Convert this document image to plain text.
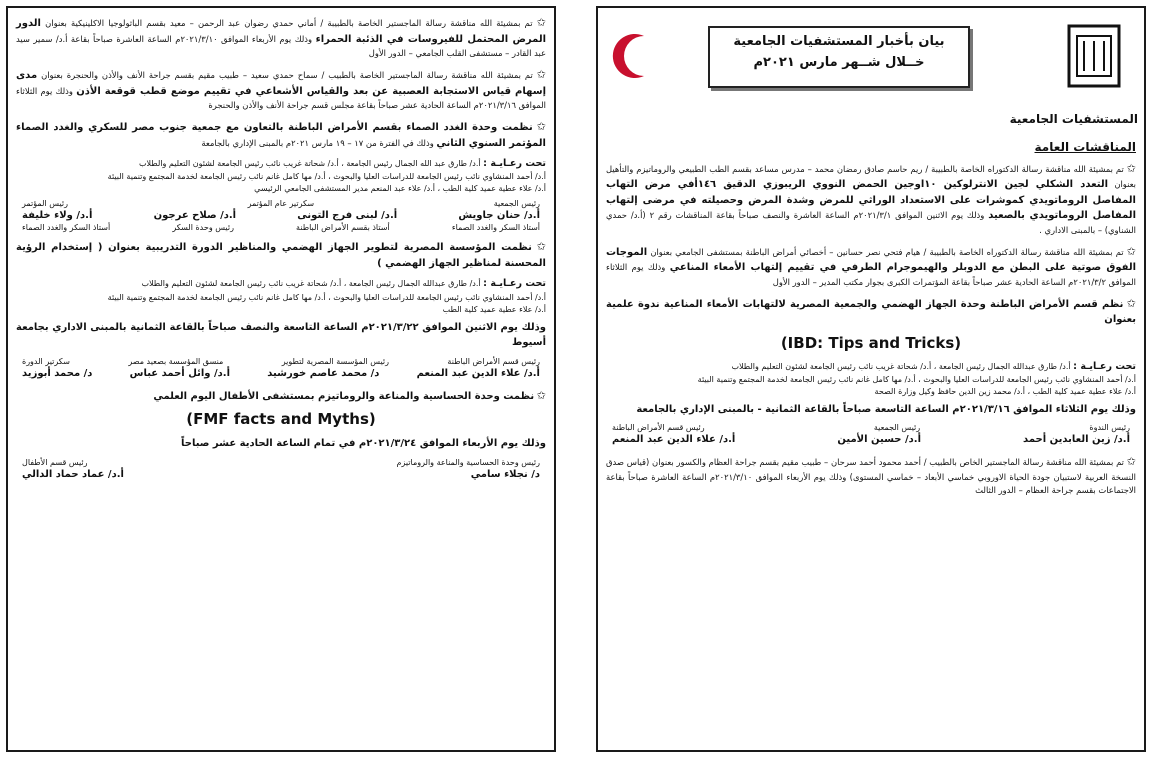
بيان بأخبار المستشفيات الجامعية
خــلال شــهر مارس ٢٠٢١م
المستشفيات الجامعية
المناقشات العامة
✩ تم بمشيئة الله مناقشة رسالة الدكتوراه الخاصة بالطبيبة / ريم حاسم صادق رمضان محمد – مدرس مساعد بقسم الطب الطبيعي والروماتيزم والتأهيل بعنوان التعدد الشكلي لجين الانترلوكين ١٠اوجين الحمض النووي الريبوزي الدقيق ١٤٦أفي مرض التهاب المفاصل الروماتويدي كموشرات على الاستعداد الوراثي للمرض وشدة المرض وحصيلته في مرضى إلتهاب المفاصل الروماتويدي بالصعيد وذلك يوم الاثنين الموافق ٢٠٢١/٣/١م الساعة العاشرة والنصف صباحاً بقاعة المناقشات رقم ٢ (أ.د/ حمدي الشناوي) – بالمبنى الاداري .
✩ تم بمشيئة الله مناقشة رسالة الدكتوراه الخاصة بالطبيبة / هيام فتحي نصر حسانين – أخصائي أمراض الباطنة بمستشفى الجامعي بعنوان الموجات الفوق صوتية على البطن مع الدوبلر والهيموجرام الطرفي في تقييم إلتهاب الأمعاء المناعي وذلك يوم الثلاثاء الموافق ٢٠٢١/٣/٢م الساعة الحادية عشر صباحاً بقاعة المؤتمرات الكبرى بجوار مكتب المدير – الدور الأول
✩ نظم قسم الأمراض الباطنة وحدة الجهاز الهضمي والجمعية المصرية لالتهابات الأمعاء المناعية ندوة علمية بعنوان
(IBD: Tips and Tricks)
تحت رعـايـة : أ.د/ طارق عبدالله الجمال رئيس الجامعة ، أ.د/ شحاتة غريب نائب رئيس الجامعة لشئون التعليم والطلاب
أ.د/ أحمد المنشاوي نائب رئيس الجامعة للدراسات العليا والبحوث ، أ.د/ مها كامل غانم نائب رئيس الجامعة لخدمة المجتمع وتنمية البيئة
أ.د/ علاء عطية عميد كلية الطب ، أ.د/ محمد زين الدين حافظ وكيل وزارة الصحة
وذلك يوم الثلاثاء الموافق ٢٠٢١/٣/١٦م الساعة التاسعة صباحاً بالقاعة الثمانية - بالمبنى الإداري بالجامعة
رئيس الندوة
رئيس الجمعية
رئيس قسم الأمراض الباطنة
أ.د/ زين العابدين أحمد
أ.د/ حسين الأمين
أ.د/ علاء الدين عبد المنعم
✩ تم بمشيئة الله مناقشة رسالة الماجستير الخاص بالطبيب / أحمد محمود أحمد سرحان – طبيب مقيم بقسم جراحة العظام والكسور بعنوان (قياس صدق النسخة العربية لاستبيان جودة الحياة الاوروبي خماسي الأبعاد – خماسي المستوى) وذلك يوم الأربعاء الموافق ٢٠٢١/٣/١٠م الساعة العاشرة صباحاً بقاعة الاجتماعات بقسم جراحة العظام – الدور الثالث
✩ تم بمشيئة الله مناقشة رسالة الماجستير الخاصة بالطبيبة / أماني حمدي رضوان عبد الرحمن – معيد بقسم الباثولوجيا الاكلينيكية بعنوان الدور المرض المحتمل للفيروسات في الذئبة الحمراء وذلك يوم الأربعاء الموافق ٢٠٢١/٣/١٠م الساعة العاشرة صباحاً بقاعة أ.د/ سمير سيد عبد القادر – مستشفى القلب الجامعي – الدور الأول
✩ تم بمشيئة الله مناقشة رسالة الماجستير الخاصة بالطبيب / سماح حمدي سعيد – طبيب مقيم بقسم جراحة الأنف والأذن والحنجرة بعنوان مدى إسهام قياس الاستجابة العصبية عن بعد والقياس الأشعاعي في تقييم موضع قطب قوقعة الأذن وذلك يوم الثلاثاء الموافق ٢٠٢١/٣/١٦م الساعة الحادية عشر صباحاً بقاعة مجلس قسم جراحة الأنف والأذن والحنجرة
✩ نظمت وحدة الغدد الصماء بقسم الأمراض الباطنة بالتعاون مع جمعية جنوب مصر للسكري والغدد الصماء المؤتمر السنوي الثاني وذلك في الفترة من ١٧ – ١٩ مارس ٢٠٢١م بالمبنى الإداري بالجامعة
تحت رعـايـة : أ.د/ طارق عبد الله الجمال رئيس الجامعة ، أ.د/ شحاتة غريب نائب رئيس الجامعة لشئون التعليم والطلاب
أ.د/ أحمد المنشاوي نائب رئيس الجامعة للدراسات العليا والبحوث ، أ.د/ مها كامل غانم نائب رئيس الجامعة لخدمة المجتمع وتنمية البيئة
أ.د/ علاء عطية عميد كلية الطب ، أ.د/ علاء عبد المنعم مدير المستشفى الجامعي الرئيسي
رئيس الجمعية
سكرتير عام المؤتمر
رئيس المؤتمر
أ.د/ حنان جاويش
أ.د/ لبنى فرج التونى
أ.د/ صلاح عرجون
أ.د/ ولاء خليفة
أستاذ السكر والغدد الصماء
أستاذ بقسم الأمراض الباطنة
رئيس وحدة السكر
أستاذ السكر والغدد الصماء
✩ نظمت المؤسسة المصرية لتطوير الجهاز الهضمي والمناظير الدورة التدريبية بعنوان ( إستخدام الرؤية المحسنة لمناظير الجهاز الهضمي )
تحت رعـايـة : أ.د/ طارق عبدالله الجمال رئيس الجامعة ، أ.د/ شحاتة غريب نائب رئيس الجامعة لشئون التعليم والطلاب
أ.د/ أحمد المنشاوي نائب رئيس الجامعة للدراسات العليا والبحوث ، أ.د/ مها كامل غانم نائب رئيس الجامعة لخدمة المجتمع وتنمية البيئة
أ.د/ علاء عطية عميد كلية الطب
وذلك يوم الاثنين الموافق ٢٠٢١/٣/٢٢م الساعة التاسعة والنصف صباحاً بالقاعة الثمانية بالمبنى الاداري بجامعة أسيوط
رئيس قسم الأمراض الباطنة
رئيس المؤسسة المصرية لتطوير
منسق المؤسسة بصعيد مصر
سكرتير الدورة
أ.د/ علاء الدين عبد المنعم
د/ محمد عاصم خورشيد
أ.د/ وائل أحمد عباس
د/ محمد أبوزيد
✩ نظمت وحدة الحساسية والمناعة والروماتيزم بمستشفى الأطفال اليوم العلمي
(FMF facts and Myths)
وذلك يوم الأربعاء الموافق ٢٠٢١/٣/٢٤م في تمام الساعة الحادية عشر صباحاً
رئيس وحدة الحساسية والمناعة والروماتيزم
رئيس قسم الأطفال
د/ نجلاء سامي
أ.د/ عماد حماد الدالي
